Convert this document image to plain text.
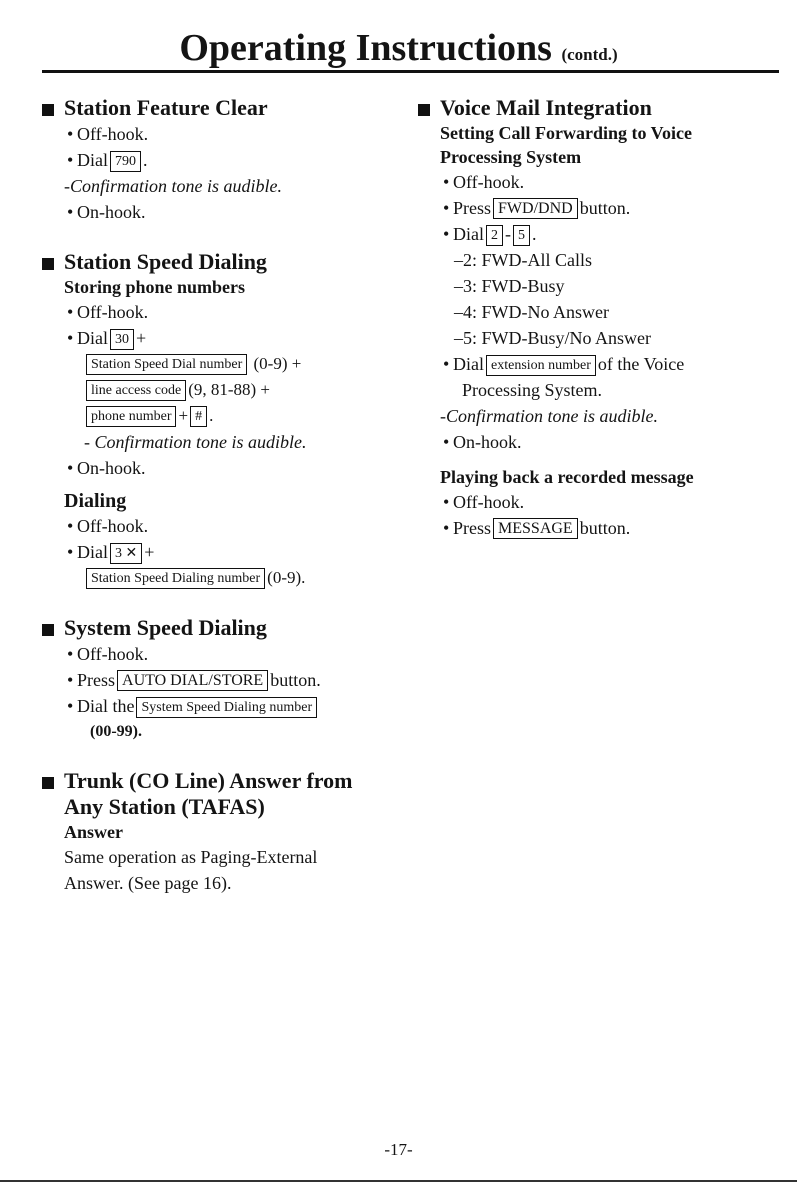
Operating Instructions (contd.)
Station Feature Clear
• Off-hook.
• Dial 790 .
-Confirmation tone is audible.
• On-hook.
Station Speed Dialing
Storing phone numbers
• Off-hook.
• Dial 30 +
Station Speed Dial number (0-9) +
line access code (9, 81-88) +
phone number + # .
- Confirmation tone is audible.
• On-hook.
Dialing
• Off-hook.
• Dial 3 ✕ +
Station Speed Dialing number (0-9).
System Speed Dialing
• Off-hook.
• Press AUTO DIAL/STORE button.
• Dial the System Speed Dialing number
(00-99).
Trunk (CO Line) Answer from
Any Station (TAFAS)
Answer
Same operation as Paging-External
Answer. (See page 16).
Voice Mail Integration
Setting Call Forwarding to Voice
Processing System
• Off-hook.
• Press FWD/DND button.
• Dial 2 - 5 .
–2: FWD-All Calls
–3: FWD-Busy
–4: FWD-No Answer
–5: FWD-Busy/No Answer
• Dial extension number of the Voice
Processing System.
-Confirmation tone is audible.
• On-hook.
Playing back a recorded message
• Off-hook.
• Press MESSAGE button.
-17-
